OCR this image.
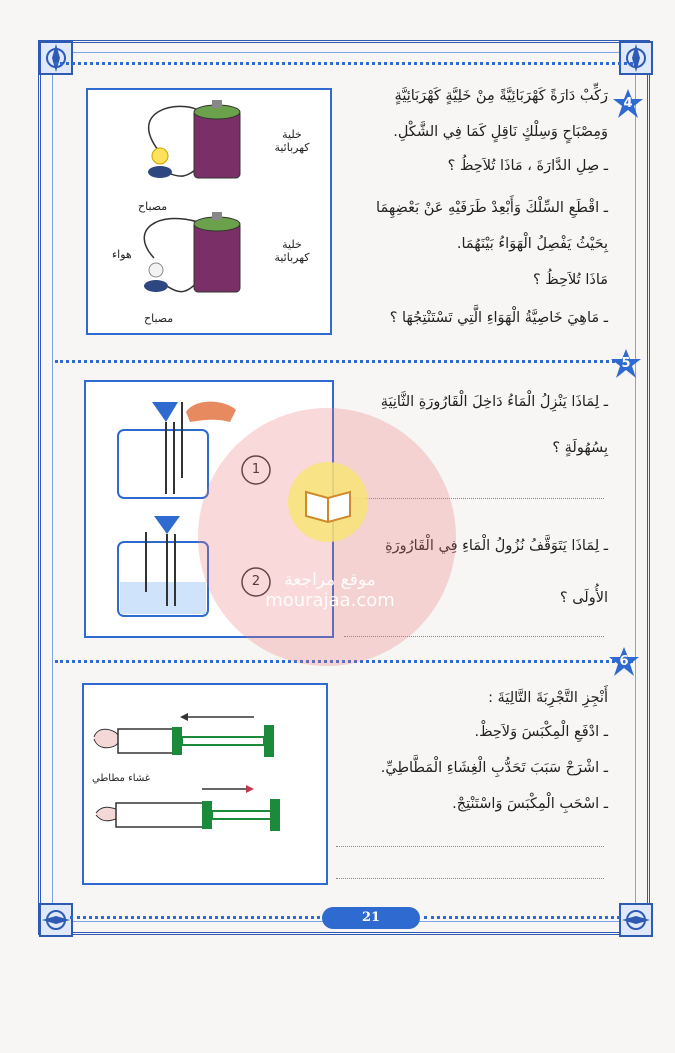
4
خلية كهربائية
مصباح
خلية كهربائية
هواء
مصباح
رَكِّبْ دَارَةً كَهْرَبَائِيَّةً مِنْ خَلِيَّةٍ كَهْرَبَائِيَّةٍ
وَمِصْبَاحٍ وَسِلْكٍ نَاقِلٍ كَمَا فِي الشَّكْلِ.
ـ صِلِ الدَّارَةَ ، مَاذَا تُلاَحِظُ ؟
ـ اقْطَعِ السِّلْكَ وَأَبْعِدْ طَرَفَيْهِ عَنْ بَعْضِهِمَا
بِحَيْثُ يَفْصِلُ الْهَوَاءُ بَيْنَهُمَا.
مَاذَا تُلاَحِظُ ؟
ـ مَاهِيَ خَاصِيَّةُ الْهَوَاءِ الَّتِي تَسْتَنْتِجُهَا ؟
5
1
2
ـ لِمَاذَا يَنْزِلُ الْمَاءُ دَاخِلَ الْقَارُورَةِ الثَّانِيَةِ
بِسُهُولَةٍ ؟
ـ لِمَاذَا يَتَوَقَّفُ نُزُولُ الْمَاءِ فِي الْقَارُورَةِ
الأُولَى ؟
6
غشاء مطاطي
أَنْجِزِ التَّجْرِبَةَ التَّالِيَةَ :
ـ ادْفَعِ الْمِكْبَسَ وَلاَحِظْ.
ـ اشْرَحْ سَبَبَ تَحَدُّبِ الْغِشَاءِ الْمَطَّاطِيِّ.
ـ اسْحَبِ الْمِكْبَسَ وَاسْتَنْتِجْ.
21
موقع مراجعة
mourajaa.com
